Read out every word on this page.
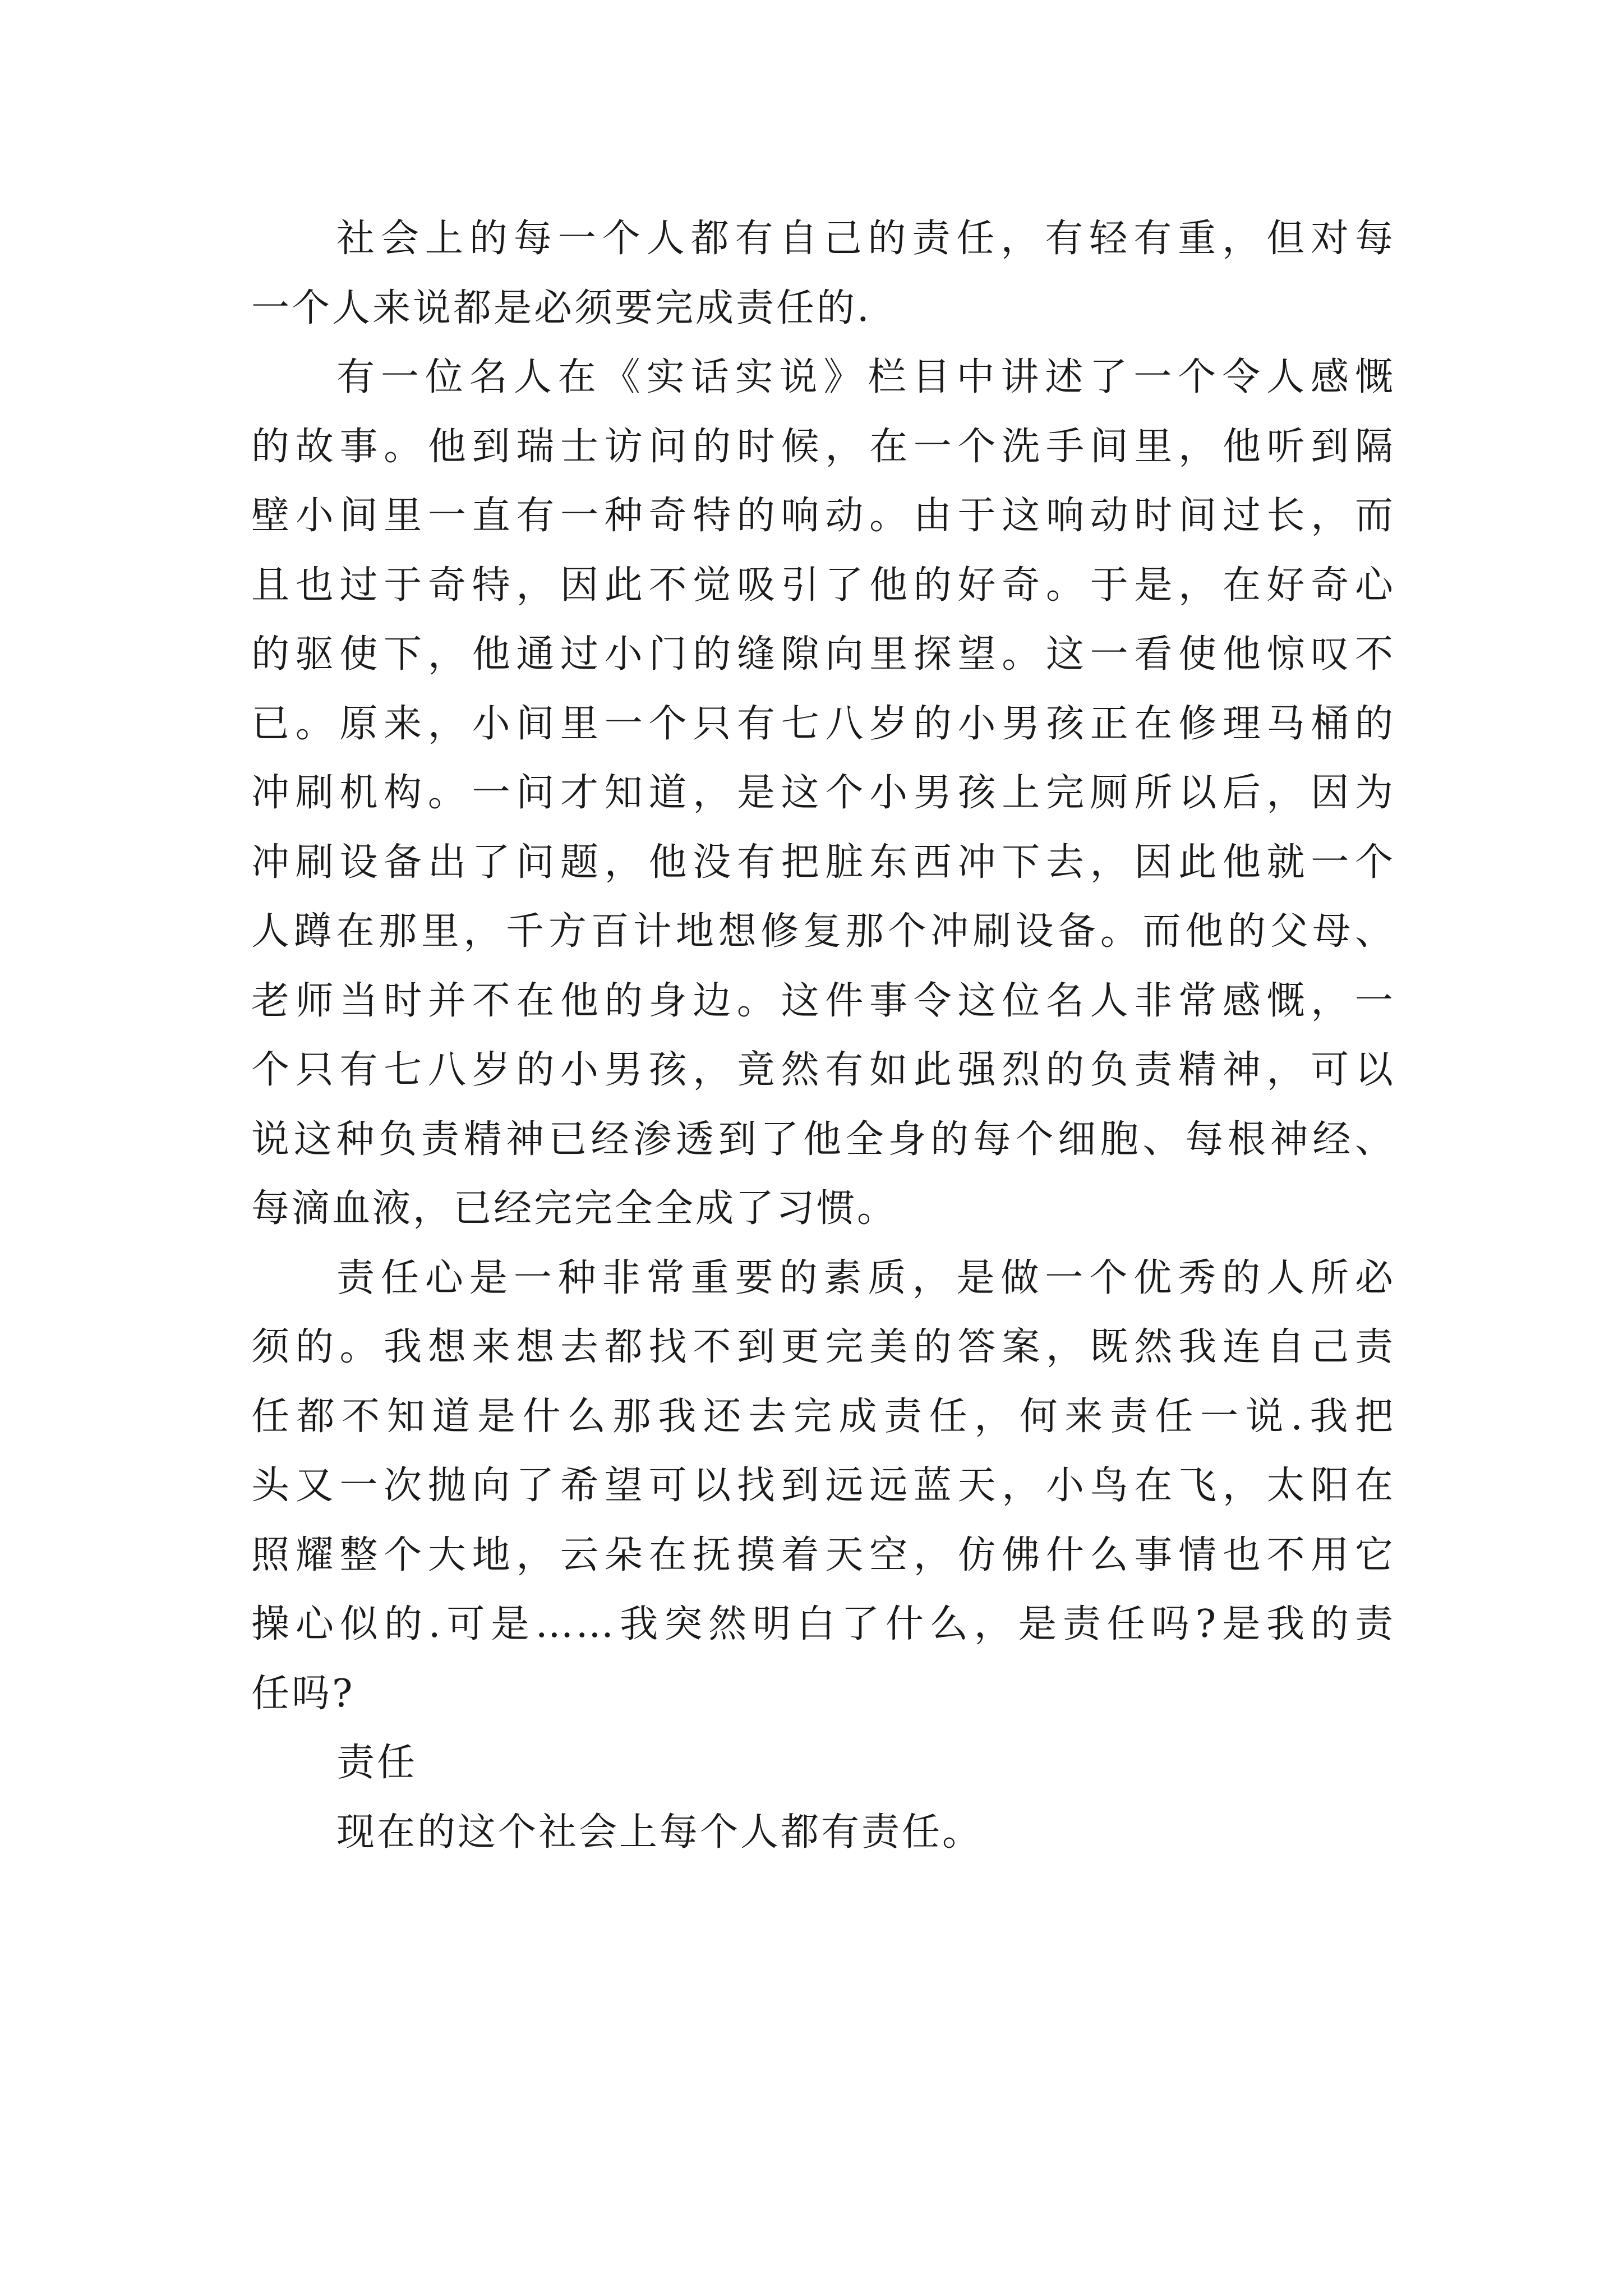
社会上的每一个人都有自己的责任，有轻有重，但对每
一个人来说都是必须要完成责任的.
有一位名人在《实话实说》栏目中讲述了一个令人感慨
的故事。他到瑞士访问的时候，在一个洗手间里，他听到隔
壁小间里一直有一种奇特的响动。由于这响动时间过长，而
且也过于奇特，因此不觉吸引了他的好奇。于是，在好奇心
的驱使下，他通过小门的缝隙向里探望。这一看使他惊叹不
已。原来，小间里一个只有七八岁的小男孩正在修理马桶的
冲刷机构。一问才知道，是这个小男孩上完厕所以后，因为
冲刷设备出了问题，他没有把脏东西冲下去，因此他就一个
人蹲在那里，千方百计地想修复那个冲刷设备。而他的父母、
老师当时并不在他的身边。这件事令这位名人非常感慨，一
个只有七八岁的小男孩，竟然有如此强烈的负责精神，可以
说这种负责精神已经渗透到了他全身的每个细胞、每根神经、
每滴血液，已经完完全全成了习惯。
责任心是一种非常重要的素质，是做一个优秀的人所必
须的。我想来想去都找不到更完美的答案，既然我连自己责
任都不知道是什么那我还去完成责任，何来责任一说.我把
头又一次抛向了希望可以找到远远蓝天，小鸟在飞，太阳在
照耀整个大地，云朵在抚摸着天空，仿佛什么事情也不用它
操心似的.可是……我突然明白了什么，是责任吗?是我的责
任吗?
责任
现在的这个社会上每个人都有责任。
